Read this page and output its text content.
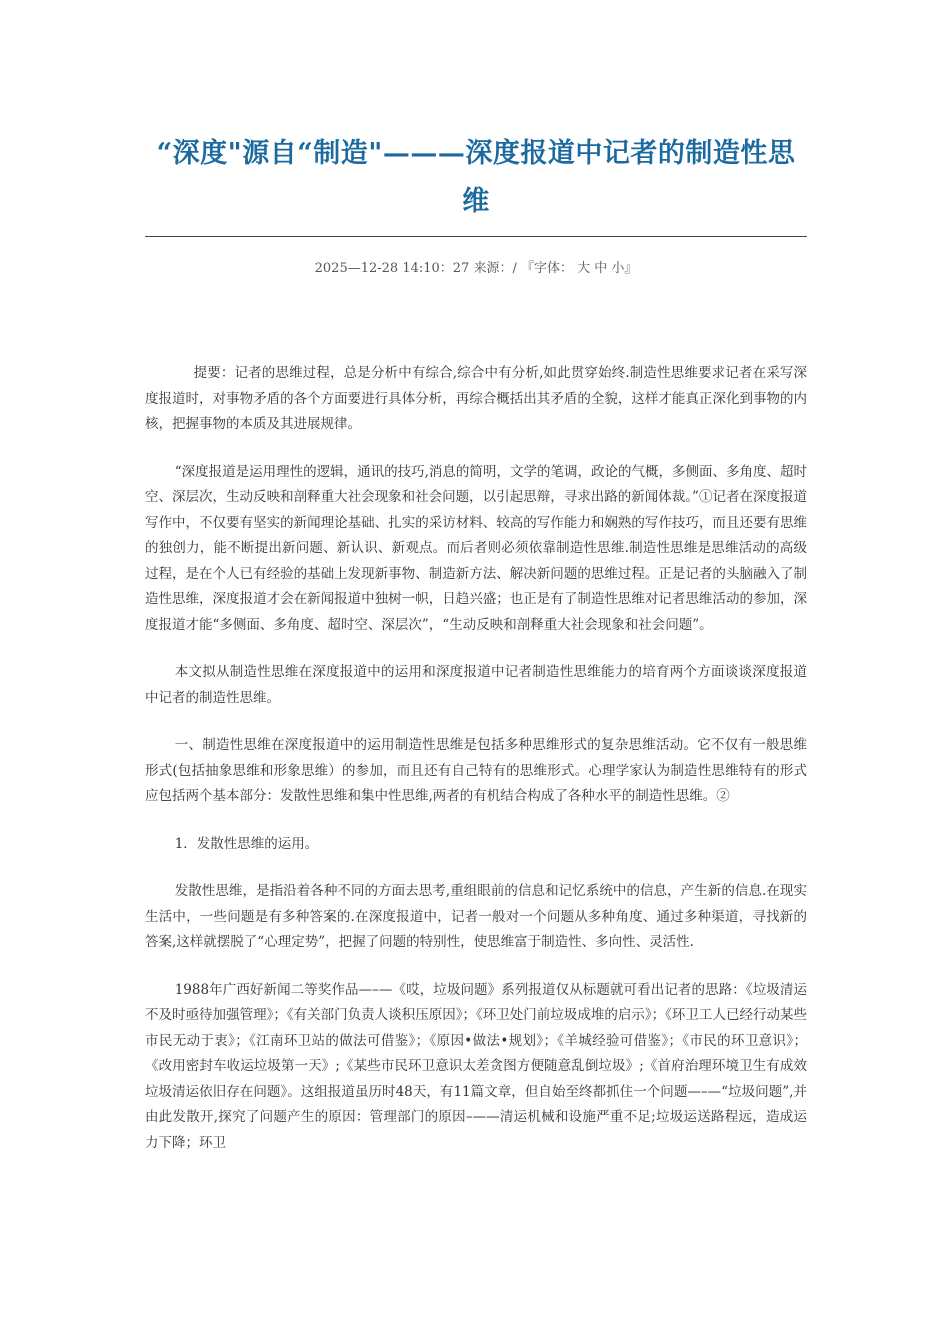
“深度"源自“制造"———深度报道中记者的制造性思维
2025—12-28 14:10：27 来源：/ 『字体： 大 中 小』

提要：记者的思维过程，总是分析中有综合,综合中有分析,如此贯穿始终.制造性思维要求记者在采写深度报道时，对事物矛盾的各个方面要进行具体分析，再综合概括出其矛盾的全貌，这样才能真正深化到事物的内核，把握事物的本质及其进展规律。

“深度报道是运用理性的逻辑，通讯的技巧,消息的简明，文学的笔调，政论的气概，多侧面、多角度、超时空、深层次，生动反映和剖释重大社会现象和社会问题，以引起思辩，寻求出路的新闻体裁。”①记者在深度报道写作中，不仅要有坚实的新闻理论基础、扎实的采访材料、较高的写作能力和娴熟的写作技巧，而且还要有思维的独创力，能不断提出新问题、新认识、新观点。而后者则必须依靠制造性思维.制造性思维是思维活动的高级过程，是在个人已有经验的基础上发现新事物、制造新方法、解决新问题的思维过程。正是记者的头脑融入了制造性思维，深度报道才会在新闻报道中独树一帜，日趋兴盛；也正是有了制造性思维对记者思维活动的参加，深度报道才能“多侧面、多角度、超时空、深层次”，“生动反映和剖释重大社会现象和社会问题”。

本文拟从制造性思维在深度报道中的运用和深度报道中记者制造性思维能力的培育两个方面谈谈深度报道中记者的制造性思维。

一、制造性思维在深度报道中的运用制造性思维是包括多种思维形式的复杂思维活动。它不仅有一般思维形式(包括抽象思维和形象思维）的参加，而且还有自己特有的思维形式。心理学家认为制造性思维特有的形式应包括两个基本部分：发散性思维和集中性思维,两者的有机结合构成了各种水平的制造性思维。②

1．发散性思维的运用。

发散性思维，是指沿着各种不同的方面去思考,重组眼前的信息和记忆系统中的信息，产生新的信息.在现实生活中，一些问题是有多种答案的.在深度报道中，记者一般对一个问题从多种角度、通过多种渠道，寻找新的答案,这样就摆脱了“心理定势”，把握了问题的特别性，使思维富于制造性、多向性、灵活性.

1988年广西好新闻二等奖作品—–—《哎，垃圾问题》系列报道仅从标题就可看出记者的思路：《垃圾清运不及时亟待加强管理》；《有关部门负责人谈积压原因》；《环卫处门前垃圾成堆的启示》；《环卫工人已经行动某些市民无动于衷》；《江南环卫站的做法可借鉴》；《原因•做法•规划》；《羊城经验可借鉴》；《市民的环卫意识》；《改用密封车收运垃圾第一天》;《某些市民环卫意识太差贪图方便随意乱倒垃圾》;《首府治理环境卫生有成效垃圾清运依旧存在问题》。这组报道虽历时48天，有11篇文章，但自始至终都抓住一个问题—–—“垃圾问题”,并由此发散开,探究了问题产生的原因：管理部门的原因–——清运机械和设施严重不足;垃圾运送路程远，造成运力下降；环卫
